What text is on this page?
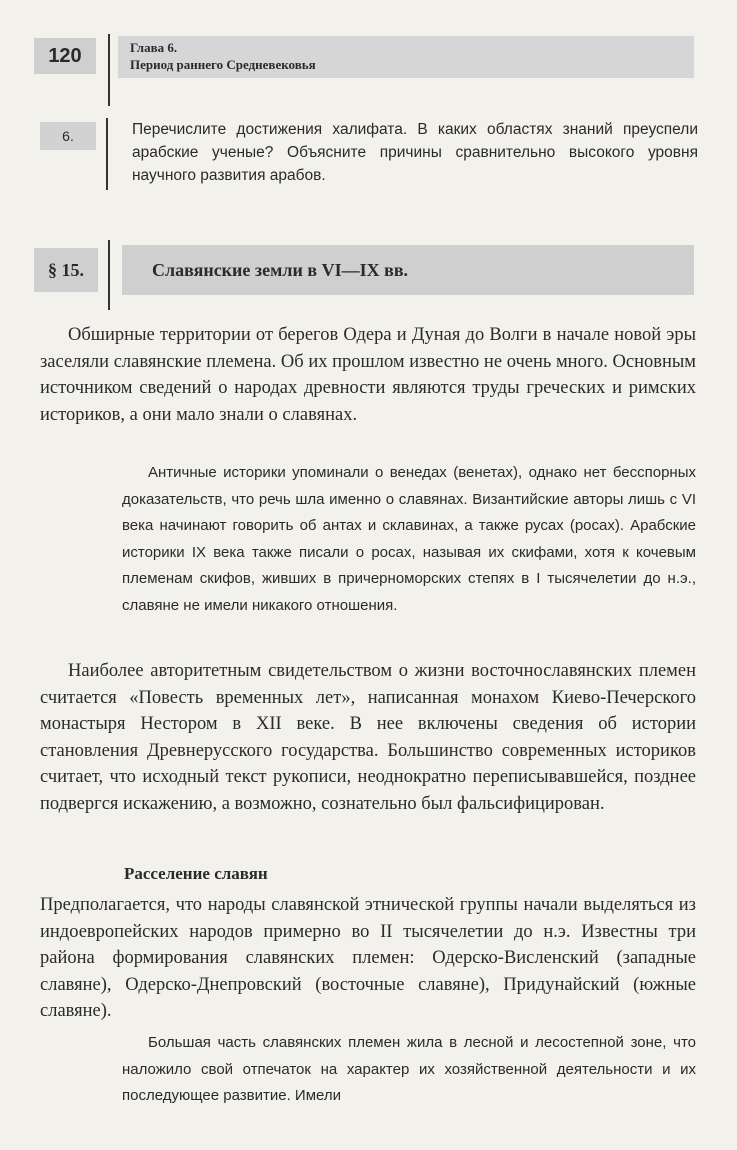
120	Глава 6.
Период раннего Средневековья
6.	Перечислите достижения халифата. В каких областях знаний преуспели арабские ученые? Объясните причины сравнительно высокого уровня научного развития арабов.
§ 15.	Славянские земли в VI—IX вв.
Обширные территории от берегов Одера и Дуная до Волги в начале новой эры заселяли славянские племена. Об их прошлом известно не очень много. Основным источником сведений о народах древности являются труды греческих и римских историков, а они мало знали о славянах.
Античные историки упоминали о венедах (венетах), однако нет бесспорных доказательств, что речь шла именно о славянах. Византийские авторы лишь с VI века начинают говорить об антах и склавинах, а также русах (росах). Арабские историки IX века также писали о росах, называя их скифами, хотя к кочевым племенам скифов, живших в причерноморских степях в I тысячелетии до н.э., славяне не имели никакого отношения.
Наиболее авторитетным свидетельством о жизни восточнославянских племен считается «Повесть временных лет», написанная монахом Киево-Печерского монастыря Нестором в XII веке. В нее включены сведения об истории становления Древнерусского государства. Большинство современных историков считает, что исходный текст рукописи, неоднократно переписывавшейся, позднее подвергся искажению, а возможно, сознательно был фальсифицирован.
Расселение славян
Предполагается, что народы славянской этнической группы начали выделяться из индоевропейских народов примерно во II тысячелетии до н.э. Известны три района формирования славянских племен: Одерско-Висленский (западные славяне), Одерско-Днепровский (восточные славяне), Придунайский (южные славяне).
Большая часть славянских племен жила в лесной и лесостепной зоне, что наложило свой отпечаток на характер их хозяйственной деятельности и их последующее развитие. Имели
